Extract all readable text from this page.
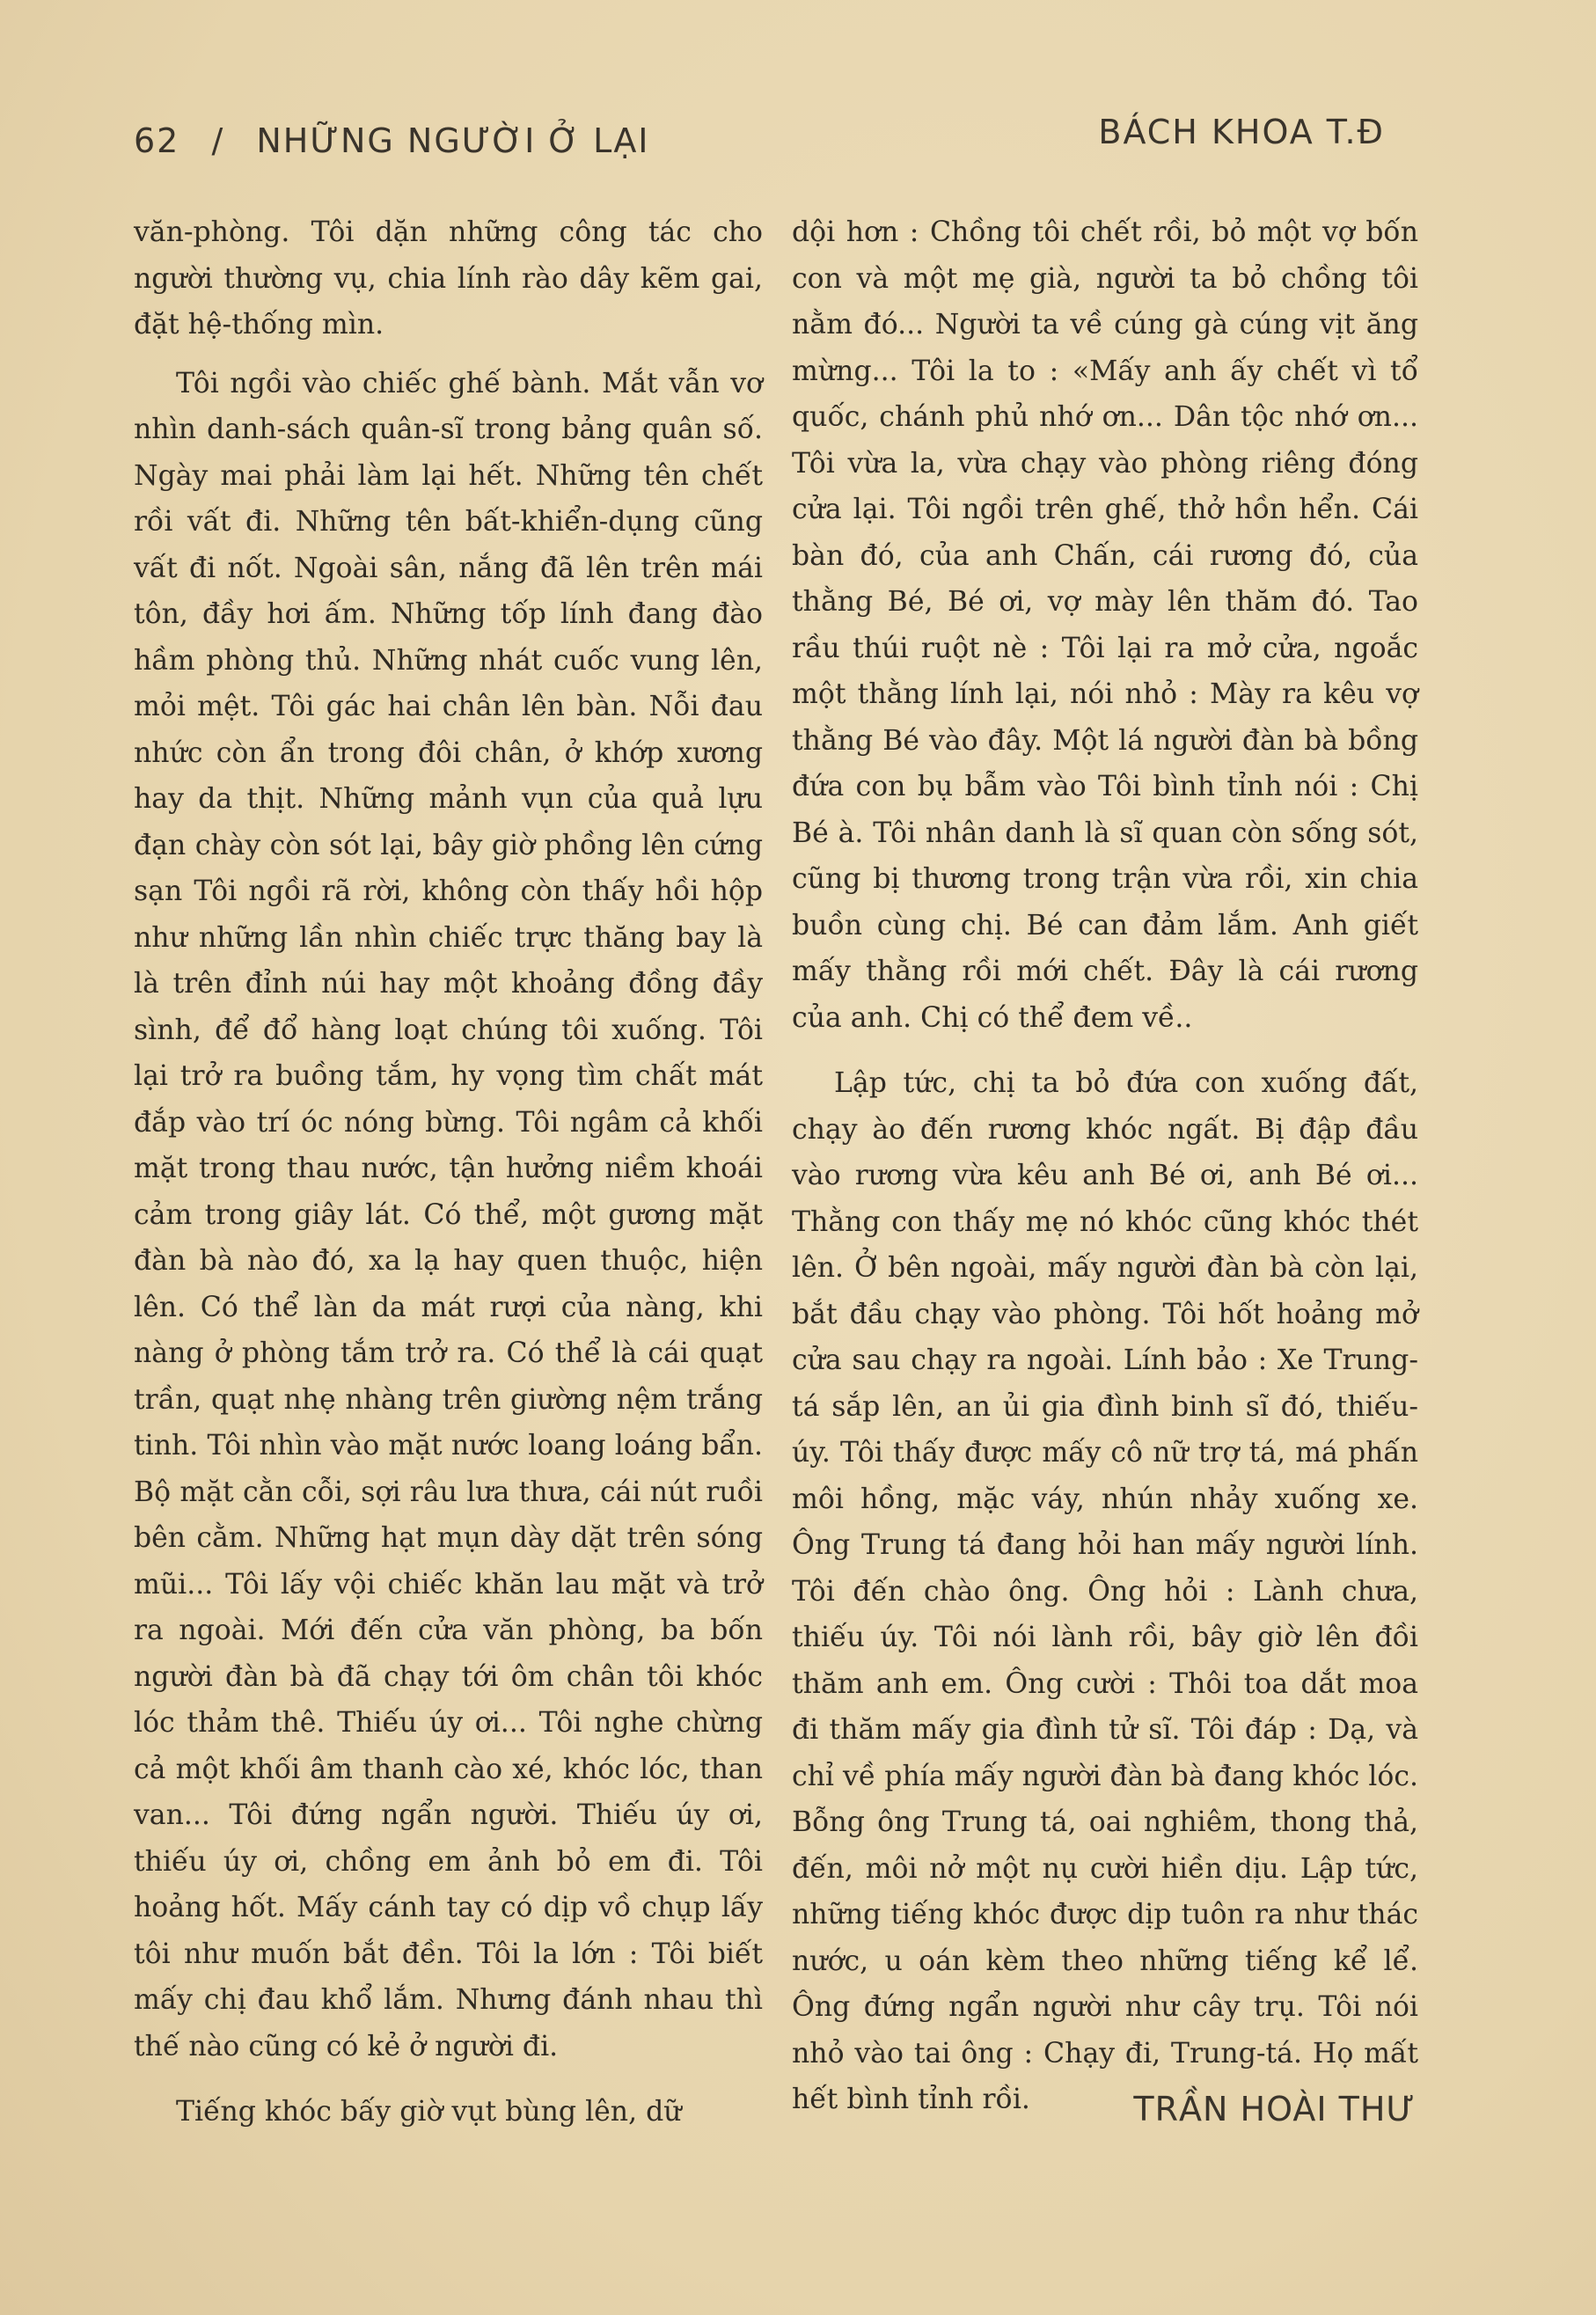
62 / NHỮNG NGƯỜI Ở LẠI	BÁCH KHOA T.Đ

văn-phòng. Tôi dặn những công tác cho người thường vụ, chia lính rào dây kẽm gai, đặt hệ-thống mìn.

Tôi ngồi vào chiếc ghế bành. Mắt vẫn vơ nhìn danh-sách quân-sĩ trong bảng quân số. Ngày mai phải làm lại hết. Những tên chết rồi vất đi. Những tên bất-khiển-dụng cũng vất đi nốt. Ngoài sân, nắng đã lên trên mái tôn, đầy hơi ấm. Những tốp lính đang đào hầm phòng thủ. Những nhát cuốc vung lên, mỏi mệt. Tôi gác hai chân lên bàn. Nỗi đau nhức còn ẩn trong đôi chân, ở khớp xương hay da thịt. Những mảnh vụn của quả lựu đạn chày còn sót lại, bây giờ phồng lên cứng sạn Tôi ngồi rã rời, không còn thấy hồi hộp như những lần nhìn chiếc trực thăng bay là là trên đỉnh núi hay một khoảng đồng đầy sình, để đổ hàng loạt chúng tôi xuống. Tôi lại trở ra buồng tắm, hy vọng tìm chất mát đắp vào trí óc nóng bừng. Tôi ngâm cả khối mặt trong thau nước, tận hưởng niềm khoái cảm trong giây lát. Có thể, một gương mặt đàn bà nào đó, xa lạ hay quen thuộc, hiện lên. Có thể làn da mát rượi của nàng, khi nàng ở phòng tắm trở ra. Có thể là cái quạt trần, quạt nhẹ nhàng trên giường nệm trắng tinh. Tôi nhìn vào mặt nước loang loáng bẩn. Bộ mặt cằn cỗi, sợi râu lưa thưa, cái nút ruồi bên cằm. Những hạt mụn dày dặt trên sóng mũi... Tôi lấy vội chiếc khăn lau mặt và trở ra ngoài. Mới đến cửa văn phòng, ba bốn người đàn bà đã chạy tới ôm chân tôi khóc lóc thảm thê. Thiếu úy ơi... Tôi nghe chừng cả một khối âm thanh cào xé, khóc lóc, than van... Tôi đứng ngẩn người. Thiếu úy ơi, thiếu úy ơi, chồng em ảnh bỏ em đi. Tôi hoảng hốt. Mấy cánh tay có dịp vồ chụp lấy tôi như muốn bắt đền. Tôi la lớn : Tôi biết mấy chị đau khổ lắm. Nhưng đánh nhau thì thế nào cũng có kẻ ở người đi.

Tiếng khóc bấy giờ vụt bùng lên, dữ

dội hơn : Chồng tôi chết rồi, bỏ một vợ bốn con và một mẹ già, người ta bỏ chồng tôi nằm đó... Người ta về cúng gà cúng vịt ăng mừng... Tôi la to : «Mấy anh ấy chết vì tổ quốc, chánh phủ nhớ ơn... Dân tộc nhớ ơn... Tôi vừa la, vừa chạy vào phòng riêng đóng cửa lại. Tôi ngồi trên ghế, thở hồn hển. Cái bàn đó, của anh Chấn, cái rương đó, của thằng Bé, Bé ơi, vợ mày lên thăm đó. Tao rầu thúi ruột nè : Tôi lại ra mở cửa, ngoắc một thằng lính lại, nói nhỏ : Mày ra kêu vợ thằng Bé vào đây. Một lá người đàn bà bồng đứa con bụ bẫm vào Tôi bình tỉnh nói : Chị Bé à. Tôi nhân danh là sĩ quan còn sống sót, cũng bị thương trong trận vừa rồi, xin chia buồn cùng chị. Bé can đảm lắm. Anh giết mấy thằng rồi mới chết. Đây là cái rương của anh. Chị có thể đem về..

Lập tức, chị ta bỏ đứa con xuống đất, chạy ào đến rương khóc ngất. Bị đập đầu vào rương vừa kêu anh Bé ơi, anh Bé ơi... Thằng con thấy mẹ nó khóc cũng khóc thét lên. Ở bên ngoài, mấy người đàn bà còn lại, bắt đầu chạy vào phòng. Tôi hốt hoảng mở cửa sau chạy ra ngoài. Lính bảo : Xe Trung-tá sắp lên, an ủi gia đình binh sĩ đó, thiếu-úy. Tôi thấy được mấy cô nữ trợ tá, má phấn môi hồng, mặc váy, nhún nhảy xuống xe. Ông Trung tá đang hỏi han mấy người lính. Tôi đến chào ông. Ông hỏi : Lành chưa, thiếu úy. Tôi nói lành rồi, bây giờ lên đồi thăm anh em. Ông cười : Thôi toa dắt moa đi thăm mấy gia đình tử sĩ. Tôi đáp : Dạ, và chỉ về phía mấy người đàn bà đang khóc lóc. Bỗng ông Trung tá, oai nghiêm, thong thả, đến, môi nở một nụ cười hiền dịu. Lập tức, những tiếng khóc được dịp tuôn ra như thác nước, u oán kèm theo những tiếng kể lể. Ông đứng ngẩn người như cây trụ. Tôi nói nhỏ vào tai ông : Chạy đi, Trung-tá. Họ mất hết bình tỉnh rồi.	TRẦN HOÀI THƯ
